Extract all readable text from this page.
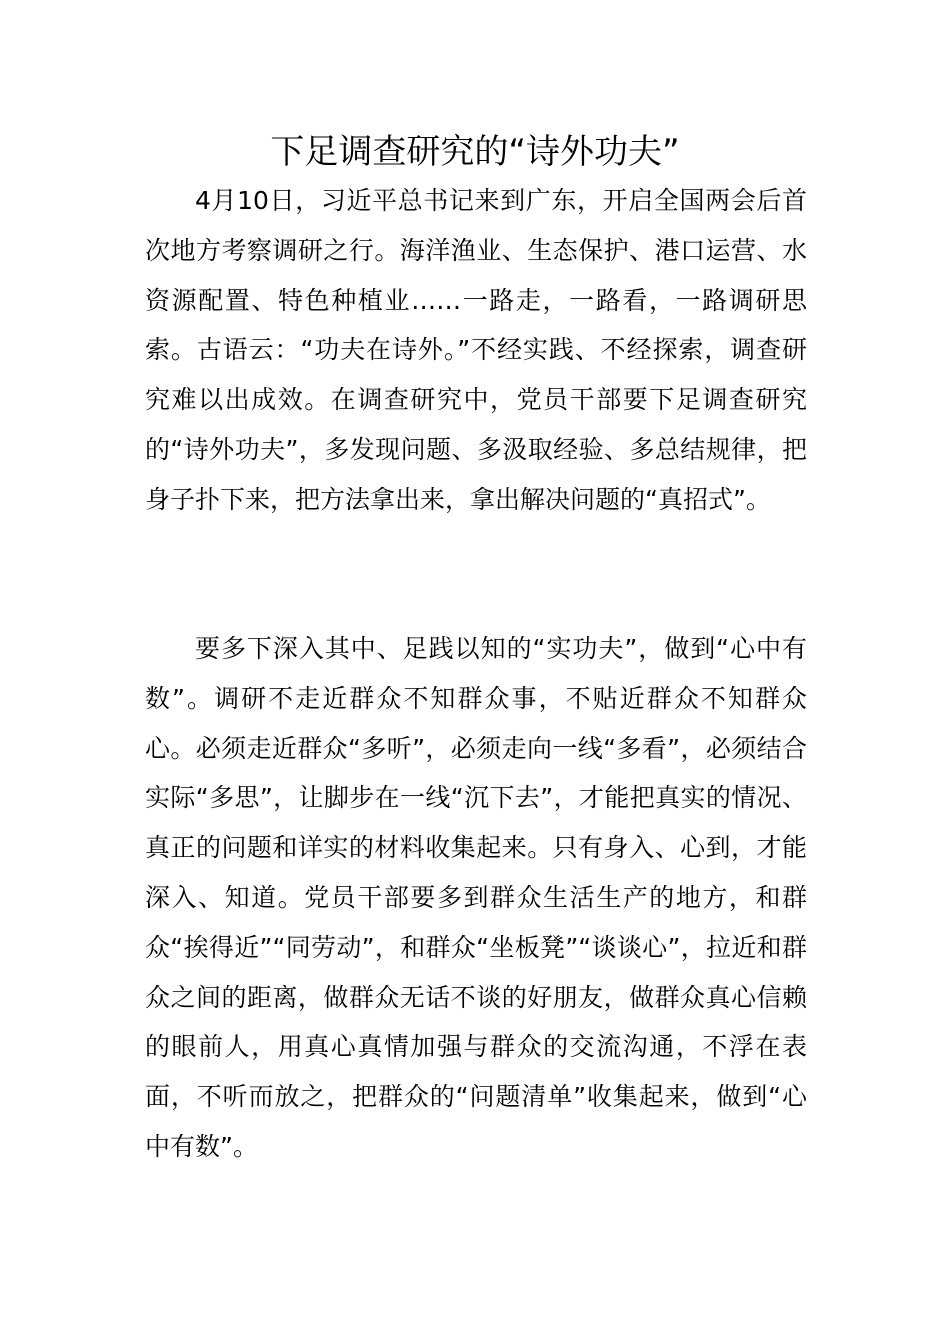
下足调查研究的“诗外功夫”

4月10日，习近平总书记来到广东，开启全国两会后首次地方考察调研之行。海洋渔业、生态保护、港口运营、水资源配置、特色种植业……一路走，一路看，一路调研思索。古语云：“功夫在诗外。”不经实践、不经探索，调查研究难以出成效。在调查研究中，党员干部要下足调查研究的“诗外功夫”，多发现问题、多汲取经验、多总结规律，把身子扑下来，把方法拿出来，拿出解决问题的“真招式”。

要多下深入其中、足践以知的“实功夫”，做到“心中有数”。调研不走近群众不知群众事，不贴近群众不知群众心。必须走近群众“多听”，必须走向一线“多看”，必须结合实际“多思”，让脚步在一线“沉下去”，才能把真实的情况、真正的问题和详实的材料收集起来。只有身入、心到，才能深入、知道。党员干部要多到群众生活生产的地方，和群众“挨得近”“同劳动”，和群众“坐板凳”“谈谈心”，拉近和群众之间的距离，做群众无话不谈的好朋友，做群众真心信赖的眼前人，用真心真情加强与群众的交流沟通，不浮在表面，不听而放之，把群众的“问题清单”收集起来，做到“心中有数”。
